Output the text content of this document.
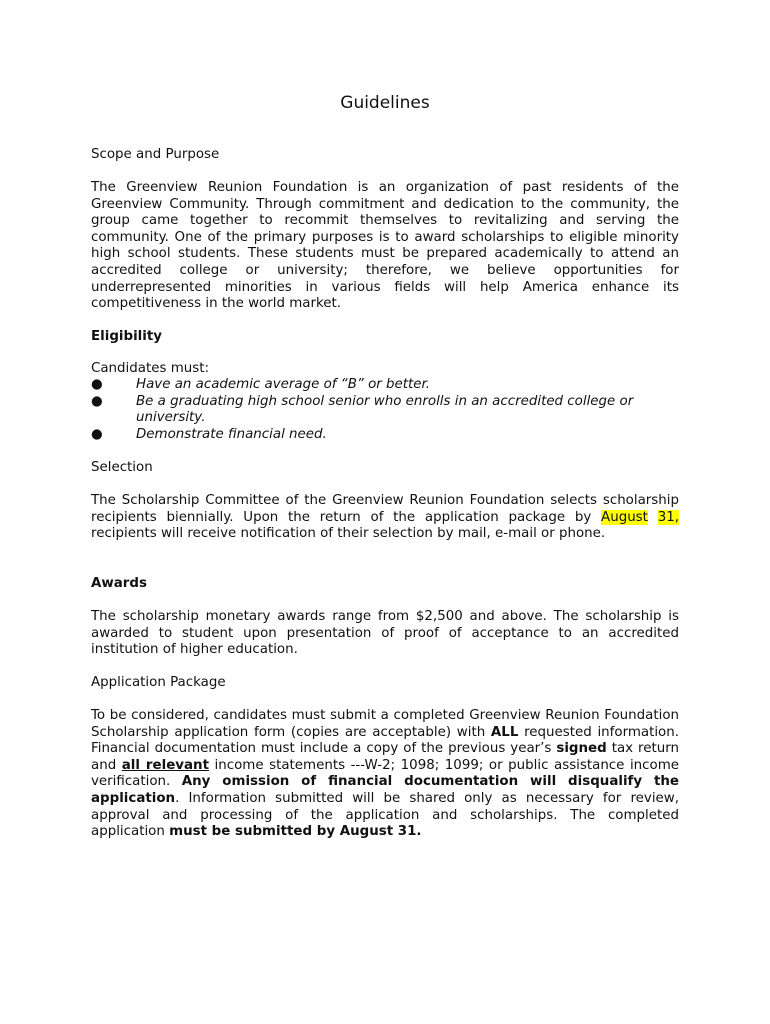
Guidelines
Scope and Purpose
The Greenview Reunion Foundation is an organization of past residents of the Greenview Community. Through commitment and dedication to the community, the group came together to recommit themselves to revitalizing and serving the community. One of the primary purposes is to award scholarships to eligible minority high school students. These students must be prepared academically to attend an accredited college or university; therefore, we believe opportunities for underrepresented minorities in various fields will help America enhance its competitiveness in the world market.
Eligibility
Candidates must:
● Have an academic average of “B” or better.
● Be a graduating high school senior who enrolls in an accredited college or university.
● Demonstrate financial need.
Selection
The Scholarship Committee of the Greenview Reunion Foundation selects scholarship recipients biennially. Upon the return of the application package by August 31, recipients will receive notification of their selection by mail, e-mail or phone.
Awards
The scholarship monetary awards range from $2,500 and above. The scholarship is awarded to student upon presentation of proof of acceptance to an accredited institution of higher education.
Application Package
To be considered, candidates must submit a completed Greenview Reunion Foundation Scholarship application form (copies are acceptable) with ALL requested information. Financial documentation must include a copy of the previous year’s signed tax return and all relevant income statements ---W-2; 1098; 1099; or public assistance income verification. Any omission of financial documentation will disqualify the application. Information submitted will be shared only as necessary for review, approval and processing of the application and scholarships. The completed application must be submitted by August 31.
